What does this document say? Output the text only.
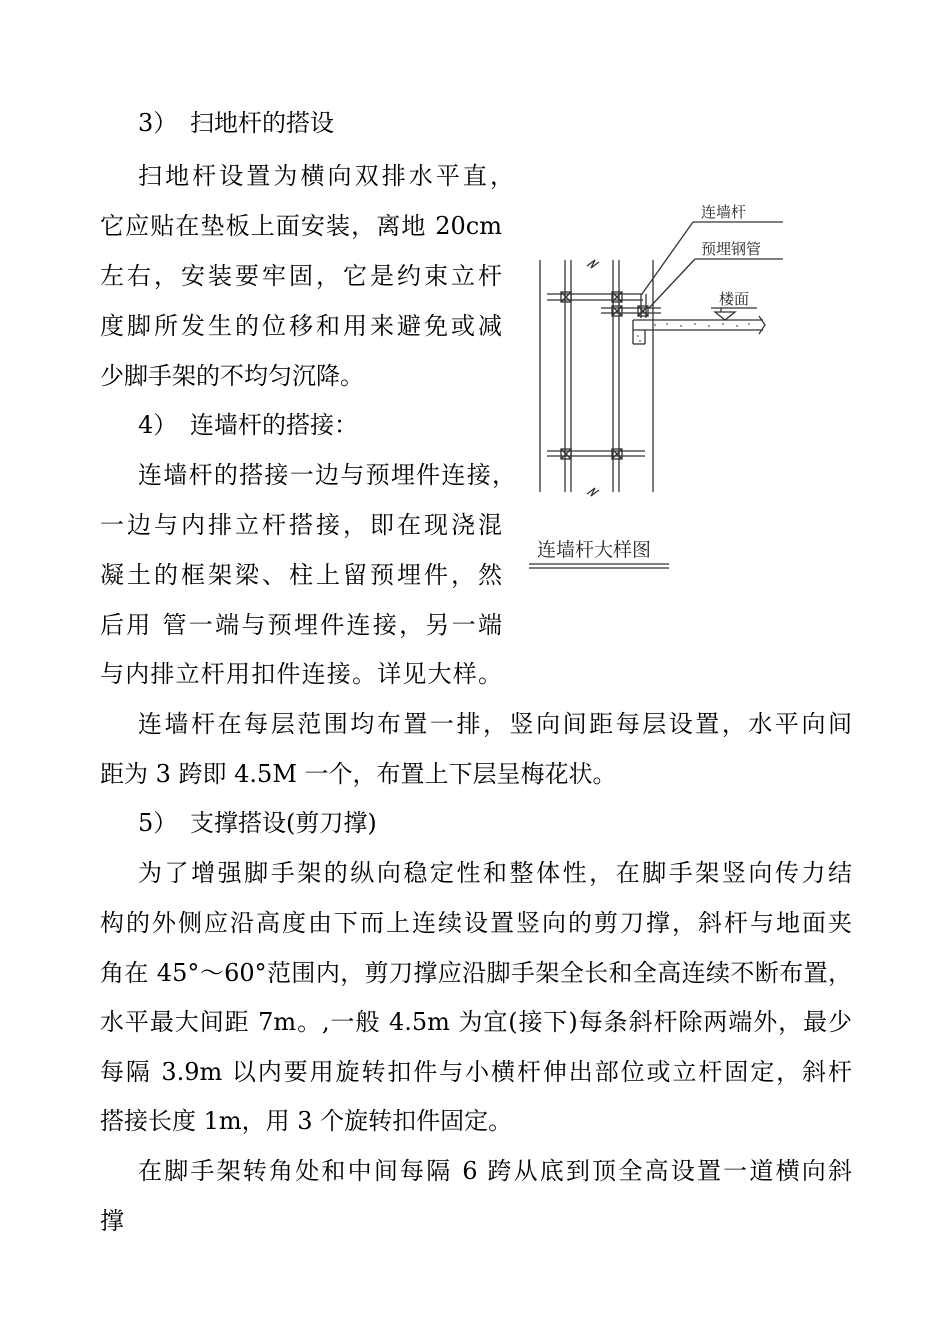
3） 扫地杆的搭设

扫地杆设置为横向双排水平直，

它应贴在垫板上面安装，离地 20cm

左右，安装要牢固，它是约束立杆

度脚所发生的位移和用来避免或减

少脚手架的不均匀沉降。

4） 连墙杆的搭接：

连墙杆的搭接一边与预埋件连接，

一边与内排立杆搭接，即在现浇混

凝土的框架梁、柱上留预埋件，然

后用 管一端与预埋件连接，另一端

与内排立杆用扣件连接。详见大样。

连墙杆在每层范围均布置一排，竖向间距每层设置，水平向间

距为 3 跨即 4.5M 一个，布置上下层呈梅花状。

5） 支撑搭设(剪刀撑)

为了增强脚手架的纵向稳定性和整体性，在脚手架竖向传力结

构的外侧应沿高度由下而上连续设置竖向的剪刀撑，斜杆与地面夹

角在 45°～60°范围内，剪刀撑应沿脚手架全长和全高连续不断布置，

水平最大间距 7m。,一般 4.5m 为宜(接下)每条斜杆除两端外，最少

每隔 3.9m 以内要用旋转扣件与小横杆伸出部位或立杆固定，斜杆

搭接长度 1m，用 3 个旋转扣件固定。

在脚手架转角处和中间每隔 6 跨从底到顶全高设置一道横向斜

撑

连墙杆
预埋钢管
楼面
连墙杆大样图
